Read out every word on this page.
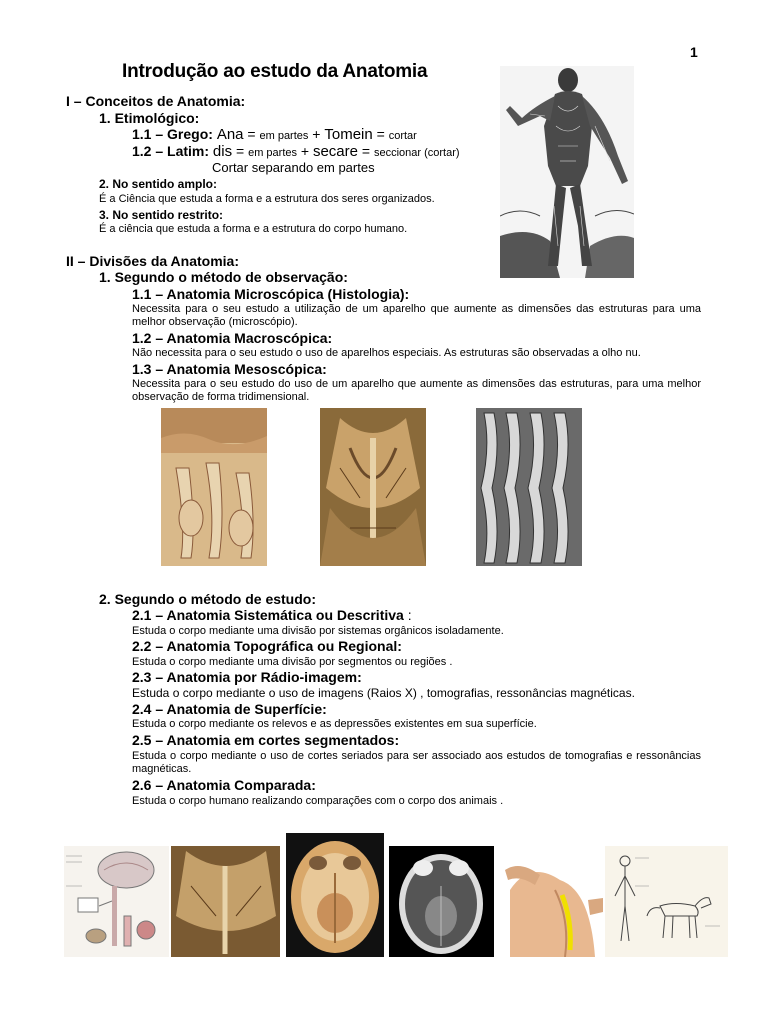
1
Introdução ao estudo da Anatomia
I – Conceitos de Anatomia:
1. Etimológico:
1.1 – Grego: Ana = em partes + Tomein = cortar
1.2 – Latim: dis = em partes + secare = seccionar (cortar)
Cortar separando em partes
2. No sentido amplo:
É a Ciência que estuda a forma e a estrutura dos seres organizados.
3. No sentido restrito:
É a ciência que estuda a forma e a estrutura do corpo humano.
II – Divisões da Anatomia:
1. Segundo o método de observação:
1.1 – Anatomia Microscópica (Histologia):
Necessita para o seu estudo a utilização de um aparelho que aumente as dimensões das estruturas para uma melhor observação (microscópio).
1.2 – Anatomia Macroscópica:
Não necessita para o seu estudo o uso de aparelhos especiais. As estruturas são observadas a olho nu.
1.3 – Anatomia Mesoscópica:
Necessita para o seu estudo do uso de um aparelho que aumente as dimensões das estruturas, para uma melhor observação de forma tridimensional.
2. Segundo o método de estudo:
2.1 – Anatomia Sistemática ou Descritiva :
Estuda o corpo mediante uma divisão por sistemas orgânicos isoladamente.
2.2 – Anatomia Topográfica ou Regional:
Estuda o corpo mediante uma divisão por segmentos ou regiões .
2.3 – Anatomia por Rádio-imagem:
Estuda o corpo mediante o uso de imagens (Raios X) , tomografias, ressonâncias magnéticas.
2.4 – Anatomia de Superfície:
Estuda o corpo mediante os relevos e as depressões existentes em sua superfície.
2.5 – Anatomia em cortes segmentados:
Estuda o corpo mediante o uso de cortes seriados para ser associado aos estudos de tomografias e ressonâncias magnéticas.
2.6 – Anatomia Comparada:
Estuda o corpo humano realizando comparações com o corpo dos animais .
